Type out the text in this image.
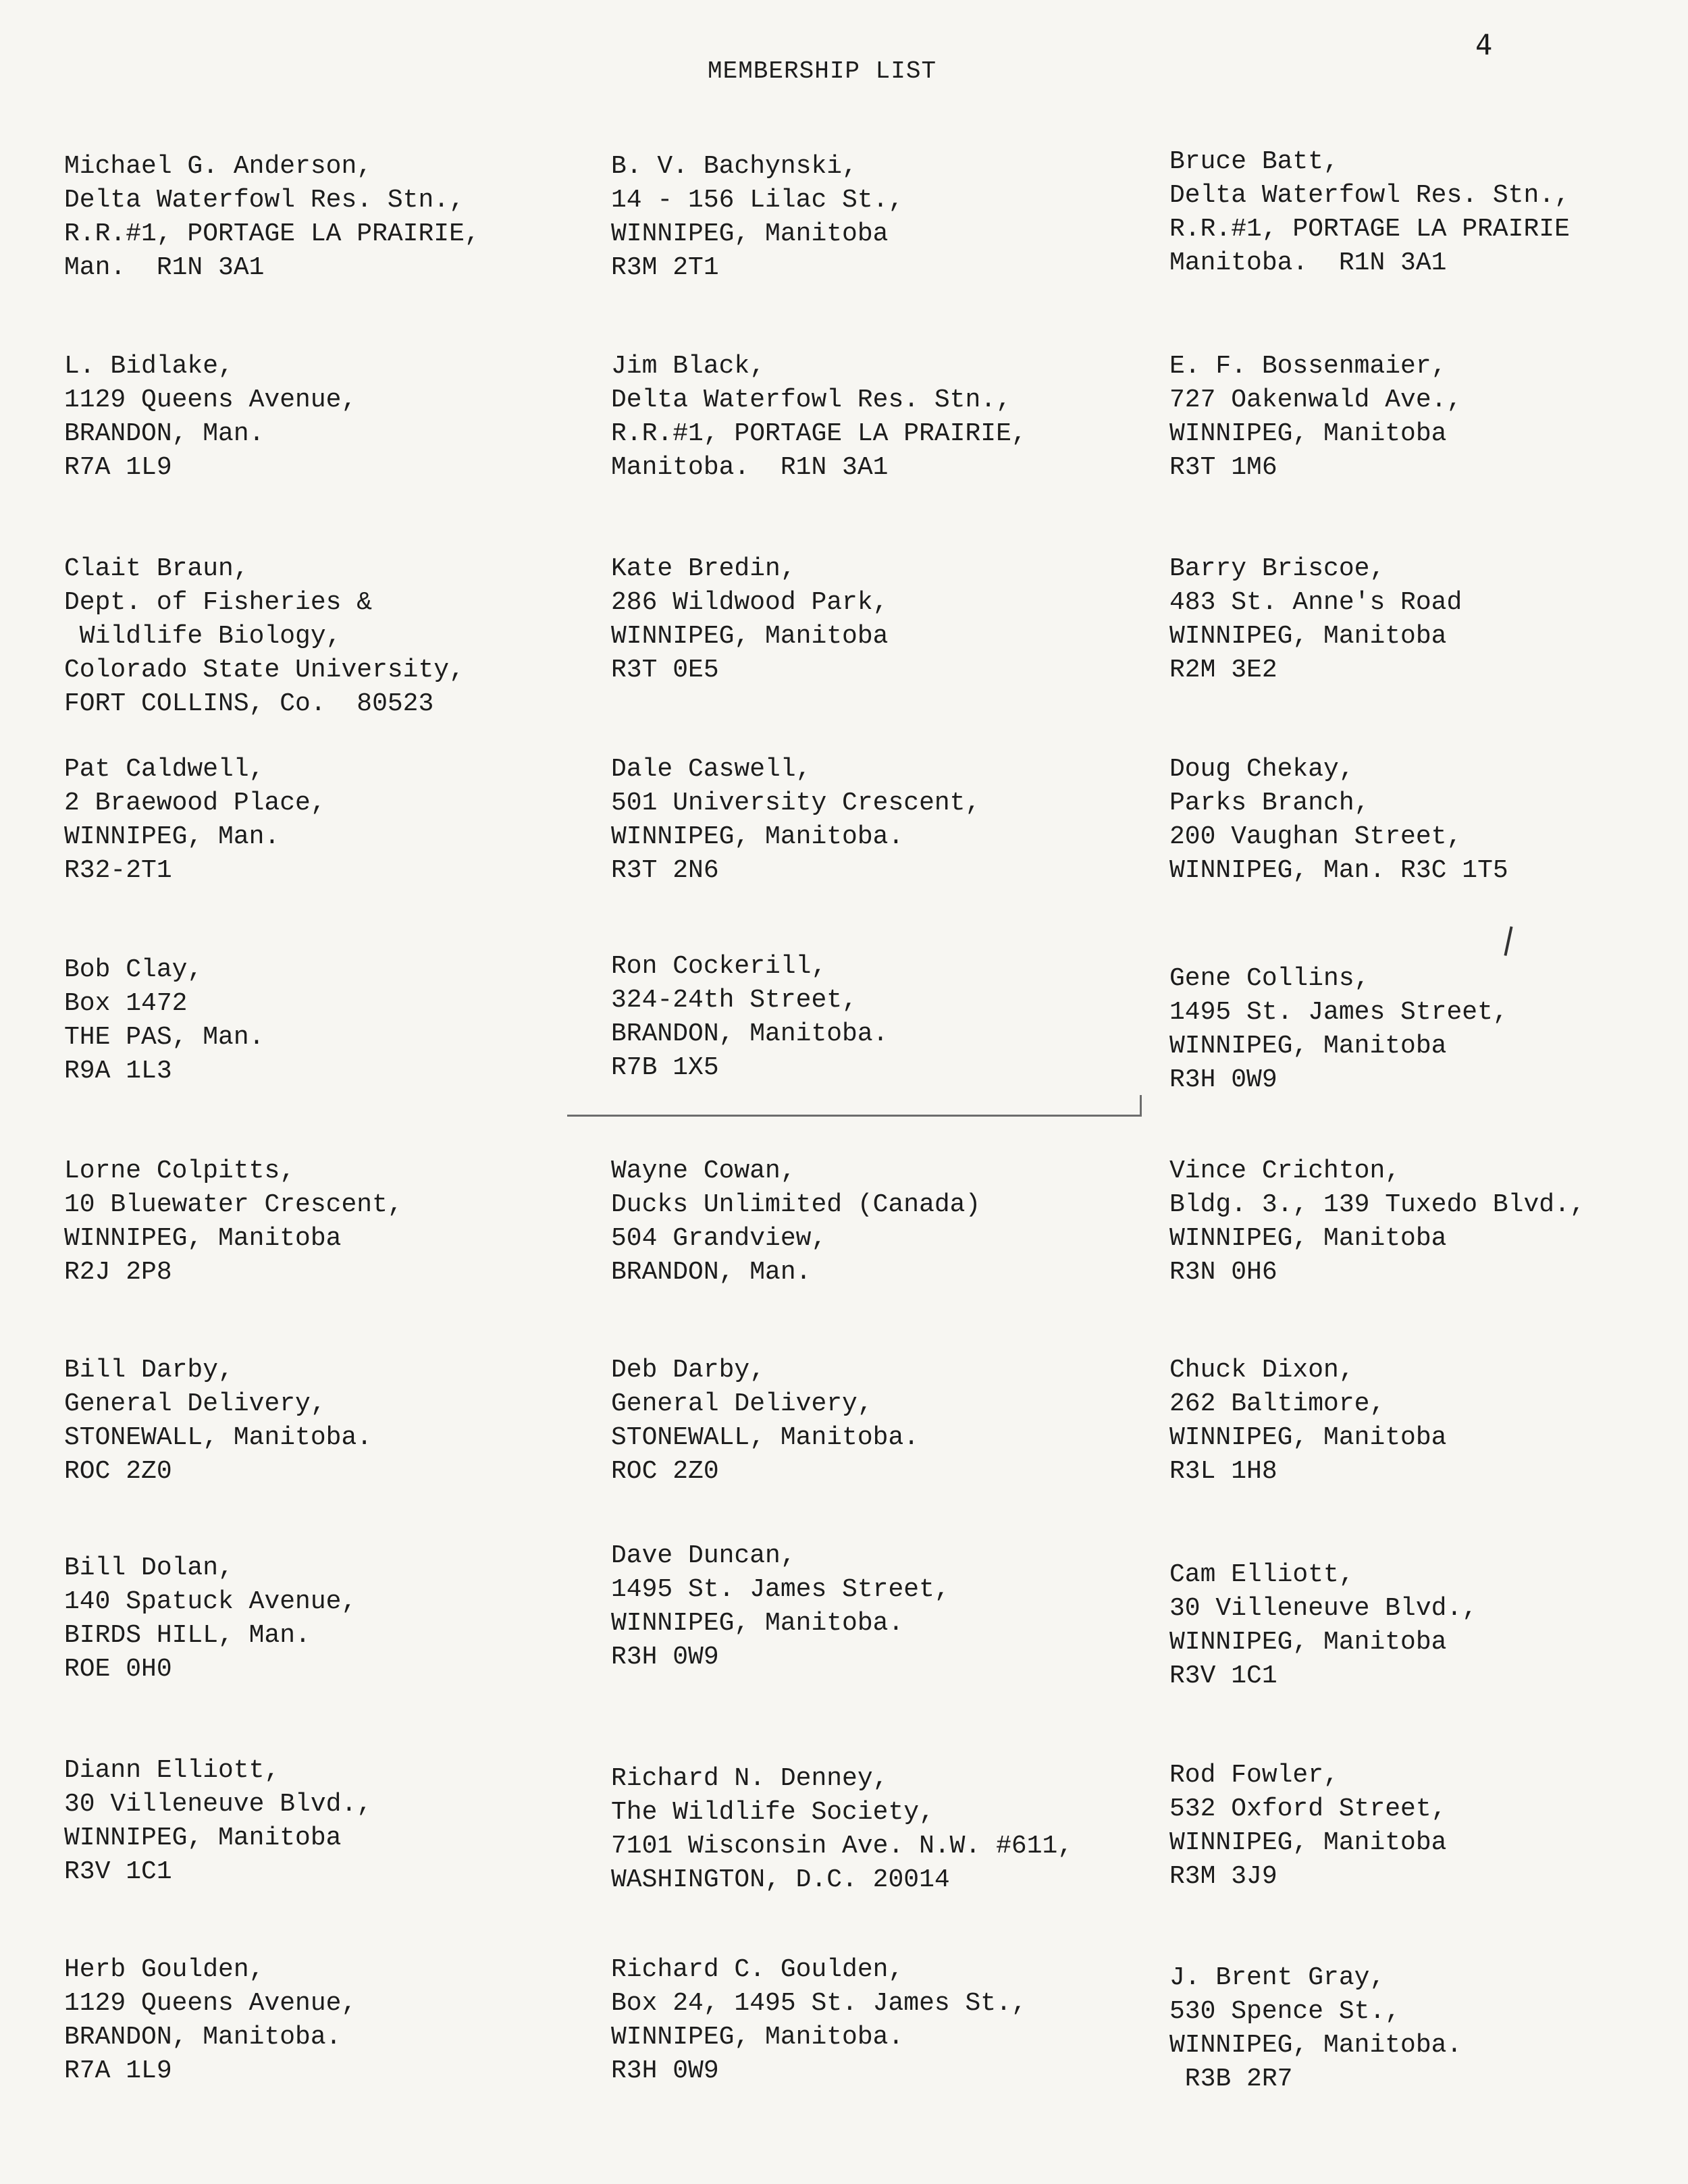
4
MEMBERSHIP LIST
Michael G. Anderson,
Delta Waterfowl Res. Stn.,
R.R.#1, PORTAGE LA PRAIRIE,
Man.  R1N 3A1
B. V. Bachynski,
14 - 156 Lilac St.,
WINNIPEG, Manitoba
R3M 2T1
Bruce Batt,
Delta Waterfowl Res. Stn.,
R.R.#1, PORTAGE LA PRAIRIE
Manitoba.  R1N 3A1
L. Bidlake,
1129 Queens Avenue,
BRANDON, Man.
R7A 1L9
Jim Black,
Delta Waterfowl Res. Stn.,
R.R.#1, PORTAGE LA PRAIRIE,
Manitoba.  R1N 3A1
E. F. Bossenmaier,
727 Oakenwald Ave.,
WINNIPEG, Manitoba
R3T 1M6
Clait Braun,
Dept. of Fisheries &
Wildlife Biology,
Colorado State University,
FORT COLLINS, Co.  80523
Kate Bredin,
286 Wildwood Park,
WINNIPEG, Manitoba
R3T 0E5
Barry Briscoe,
483 St. Anne's Road
WINNIPEG, Manitoba
R2M 3E2
Pat Caldwell,
2 Braewood Place,
WINNIPEG, Man.
R32-2T1
Dale Caswell,
501 University Crescent,
WINNIPEG, Manitoba.
R3T 2N6
Doug Chekay,
Parks Branch,
200 Vaughan Street,
WINNIPEG, Man. R3C 1T5
Bob Clay,
Box 1472
THE PAS, Man.
R9A 1L3
Ron Cockerill,
324-24th Street,
BRANDON, Manitoba.
R7B 1X5
Gene Collins,
1495 St. James Street,
WINNIPEG, Manitoba
R3H 0W9
Lorne Colpitts,
10 Bluewater Crescent,
WINNIPEG, Manitoba
R2J 2P8
Wayne Cowan,
Ducks Unlimited (Canada)
504 Grandview,
BRANDON, Man.
Vince Crichton,
Bldg. 3., 139 Tuxedo Blvd.,
WINNIPEG, Manitoba
R3N 0H6
Bill Darby,
General Delivery,
STONEWALL, Manitoba.
ROC 2Z0
Deb Darby,
General Delivery,
STONEWALL, Manitoba.
ROC 2Z0
Chuck Dixon,
262 Baltimore,
WINNIPEG, Manitoba
R3L 1H8
Bill Dolan,
140 Spatuck Avenue,
BIRDS HILL, Man.
ROE 0H0
Dave Duncan,
1495 St. James Street,
WINNIPEG, Manitoba.
R3H 0W9
Cam Elliott,
30 Villeneuve Blvd.,
WINNIPEG, Manitoba
R3V 1C1
Diann Elliott,
30 Villeneuve Blvd.,
WINNIPEG, Manitoba
R3V 1C1
Richard N. Denney,
The Wildlife Society,
7101 Wisconsin Ave. N.W. #611,
WASHINGTON, D.C. 20014
Rod Fowler,
532 Oxford Street,
WINNIPEG, Manitoba
R3M 3J9
Herb Goulden,
1129 Queens Avenue,
BRANDON, Manitoba.
R7A 1L9
Richard C. Goulden,
Box 24, 1495 St. James St.,
WINNIPEG, Manitoba.
R3H 0W9
J. Brent Gray,
530 Spence St.,
WINNIPEG, Manitoba.
R3B 2R7
